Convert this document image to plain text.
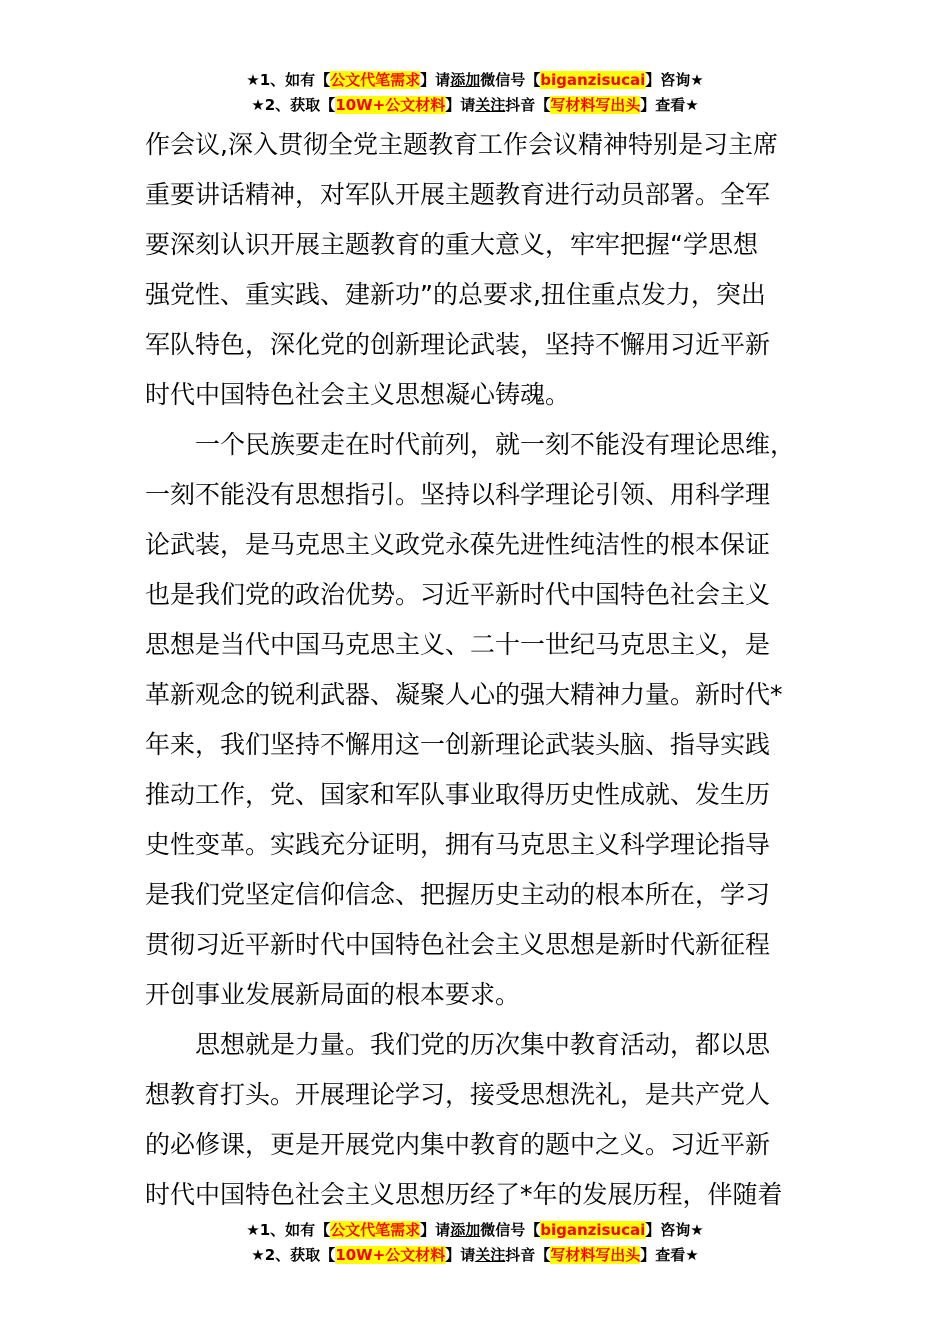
★1、如有【公文代笔需求】请添加微信号【biganzisucai】咨询★
★2、获取【10W+公文材料】请关注抖音【写材料写出头】查看★
作会议,深入贯彻全党主题教育工作会议精神特别是习主席
重要讲话精神，对军队开展主题教育进行动员部署。全军
要深刻认识开展主题教育的重大意义，牢牢把握“学思想
强党性、重实践、建新功”的总要求,扭住重点发力，突出
军队特色，深化党的创新理论武装，坚持不懈用习近平新
时代中国特色社会主义思想凝心铸魂。
一个民族要走在时代前列，就一刻不能没有理论思维，
一刻不能没有思想指引。坚持以科学理论引领、用科学理
论武装，是马克思主义政党永葆先进性纯洁性的根本保证
也是我们党的政治优势。习近平新时代中国特色社会主义
思想是当代中国马克思主义、二十一世纪马克思主义，是
革新观念的锐利武器、凝聚人心的强大精神力量。新时代*
年来，我们坚持不懈用这一创新理论武装头脑、指导实践
推动工作，党、国家和军队事业取得历史性成就、发生历
史性变革。实践充分证明，拥有马克思主义科学理论指导
是我们党坚定信仰信念、把握历史主动的根本所在，学习
贯彻习近平新时代中国特色社会主义思想是新时代新征程
开创事业发展新局面的根本要求。
思想就是力量。我们党的历次集中教育活动，都以思
想教育打头。开展理论学习，接受思想洗礼，是共产党人
的必修课，更是开展党内集中教育的题中之义。习近平新
时代中国特色社会主义思想历经了*年的发展历程，伴随着
★1、如有【公文代笔需求】请添加微信号【biganzisucai】咨询★
★2、获取【10W+公文材料】请关注抖音【写材料写出头】查看★
